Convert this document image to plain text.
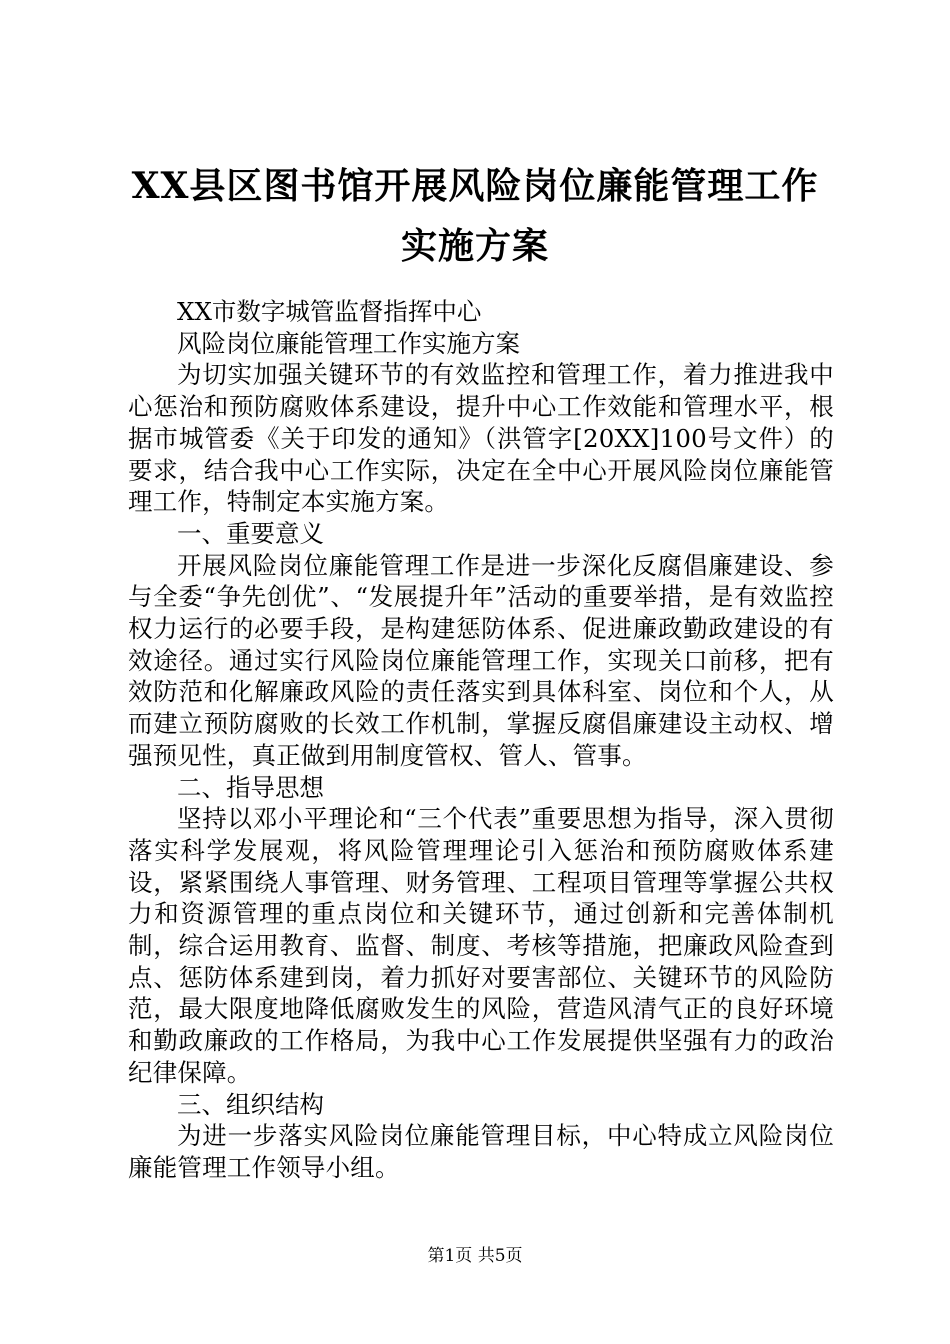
XX县区图书馆开展风险岗位廉能管理工作实施方案

XX市数字城管监督指挥中心

风险岗位廉能管理工作实施方案

为切实加强关键环节的有效监控和管理工作，着力推进我中心惩治和预防腐败体系建设，提升中心工作效能和管理水平，根据市城管委《关于印发的通知》（洪管字[20XX]100号文件）的要求，结合我中心工作实际，决定在全中心开展风险岗位廉能管理工作，特制定本实施方案。

一、重要意义

开展风险岗位廉能管理工作是进一步深化反腐倡廉建设、参与全委“争先创优”、“发展提升年”活动的重要举措，是有效监控权力运行的必要手段，是构建惩防体系、促进廉政勤政建设的有效途径。通过实行风险岗位廉能管理工作，实现关口前移，把有效防范和化解廉政风险的责任落实到具体科室、岗位和个人，从而建立预防腐败的长效工作机制，掌握反腐倡廉建设主动权、增强预见性，真正做到用制度管权、管人、管事。

二、指导思想

坚持以邓小平理论和“三个代表”重要思想为指导，深入贯彻落实科学发展观，将风险管理理论引入惩治和预防腐败体系建设，紧紧围绕人事管理、财务管理、工程项目管理等掌握公共权力和资源管理的重点岗位和关键环节，通过创新和完善体制机制，综合运用教育、监督、制度、考核等措施，把廉政风险查到点、惩防体系建到岗，着力抓好对要害部位、关键环节的风险防范，最大限度地降低腐败发生的风险，营造风清气正的良好环境和勤政廉政的工作格局，为我中心工作发展提供坚强有力的政治纪律保障。

三、组织结构

为进一步落实风险岗位廉能管理目标，中心特成立风险岗位廉能管理工作领导小组。

第1页 共5页
